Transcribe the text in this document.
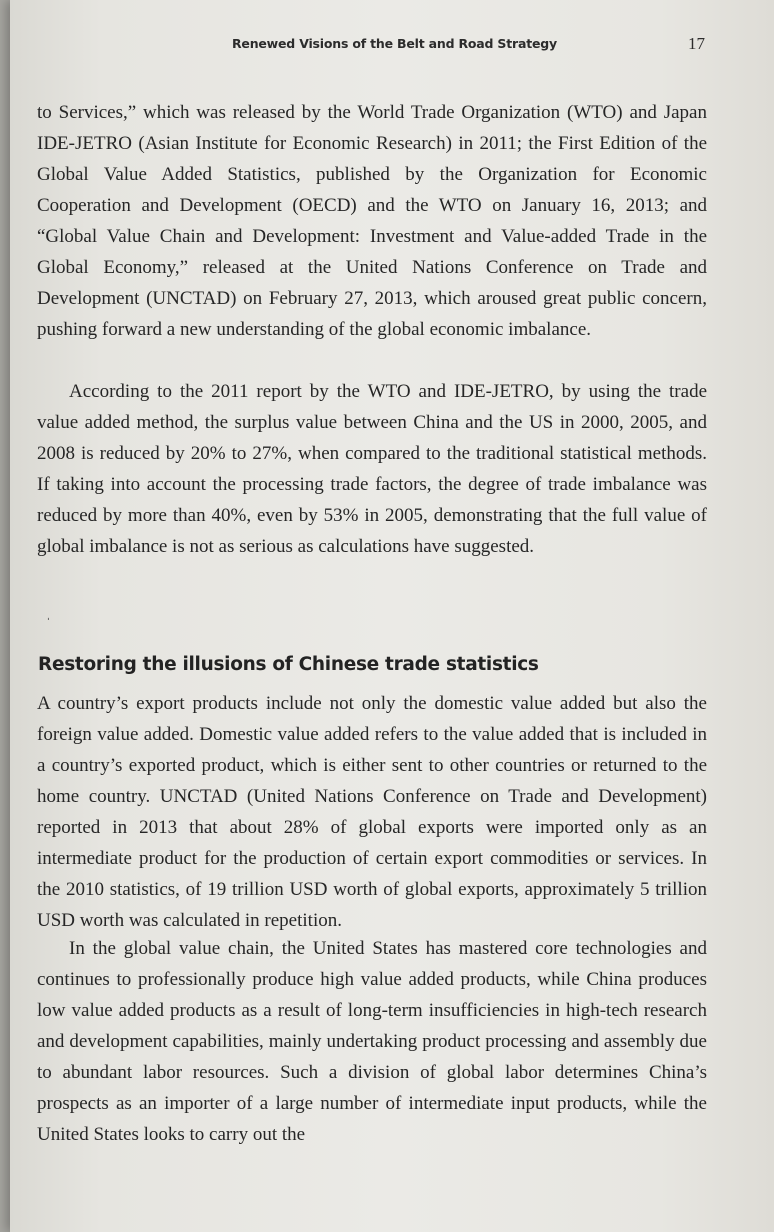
Renewed Visions of the Belt and Road Strategy	17
to Services,” which was released by the World Trade Organization (WTO) and Japan IDE-JETRO (Asian Institute for Economic Research) in 2011; the First Edition of the Global Value Added Statistics, published by the Organization for Economic Cooperation and Development (OECD) and the WTO on January 16, 2013; and “Global Value Chain and Development: Investment and Value-added Trade in the Global Economy,” released at the United Nations Conference on Trade and Development (UNCTAD) on February 27, 2013, which aroused great public concern, pushing forward a new understanding of the global economic imbalance.
According to the 2011 report by the WTO and IDE-JETRO, by using the trade value added method, the surplus value between China and the US in 2000, 2005, and 2008 is reduced by 20% to 27%, when compared to the traditional statistical methods. If taking into account the processing trade factors, the degree of trade imbalance was reduced by more than 40%, even by 53% in 2005, demonstrating that the full value of global imbalance is not as serious as calculations have suggested.
ˌ
Restoring the illusions of Chinese trade statistics
A country’s export products include not only the domestic value added but also the foreign value added. Domestic value added refers to the value added that is included in a country’s exported product, which is either sent to other countries or returned to the home country. UNCTAD (United Nations Conference on Trade and Development) reported in 2013 that about 28% of global exports were imported only as an intermediate product for the production of certain export commodities or services. In the 2010 statistics, of 19 trillion USD worth of global exports, approximately 5 trillion USD worth was calculated in repetition.
In the global value chain, the United States has mastered core technologies and continues to professionally produce high value added products, while China produces low value added products as a result of long-term insufficiencies in high-tech research and development capabilities, mainly undertaking product processing and assembly due to abundant labor resources. Such a division of global labor determines China’s prospects as an importer of a large number of intermediate input products, while the United States looks to carry out the
